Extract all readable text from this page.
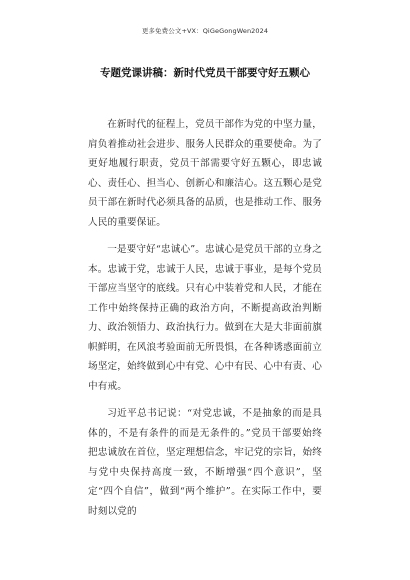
更多免费公文+VX：QiGeGongWen2024
专题党课讲稿：新时代党员干部要守好五颗心

在新时代的征程上，党员干部作为党的中坚力量，肩负着推动社会进步、服务人民群众的重要使命。为了更好地履行职责，党员干部需要守好五颗心，即忠诚心、责任心、担当心、创新心和廉洁心。这五颗心是党员干部在新时代必须具备的品质，也是推动工作、服务人民的重要保证。

一是要守好“忠诚心”。忠诚心是党员干部的立身之本。忠诚于党，忠诚于人民，忠诚于事业，是每个党员干部应当坚守的底线。只有心中装着党和人民，才能在工作中始终保持正确的政治方向，不断提高政治判断力、政治领悟力、政治执行力。做到在大是大非面前旗帜鲜明，在风浪考验面前无所畏惧，在各种诱惑面前立场坚定，始终做到心中有党、心中有民、心中有责、心中有戒。

习近平总书记说：“对党忠诚，不是抽象的而是具体的，不是有条件的而是无条件的。”党员干部要始终把忠诚放在首位，坚定理想信念，牢记党的宗旨，始终与党中央保持高度一致，不断增强“四个意识”，坚定“四个自信”，做到“两个维护”。在实际工作中，要时刻以党的
